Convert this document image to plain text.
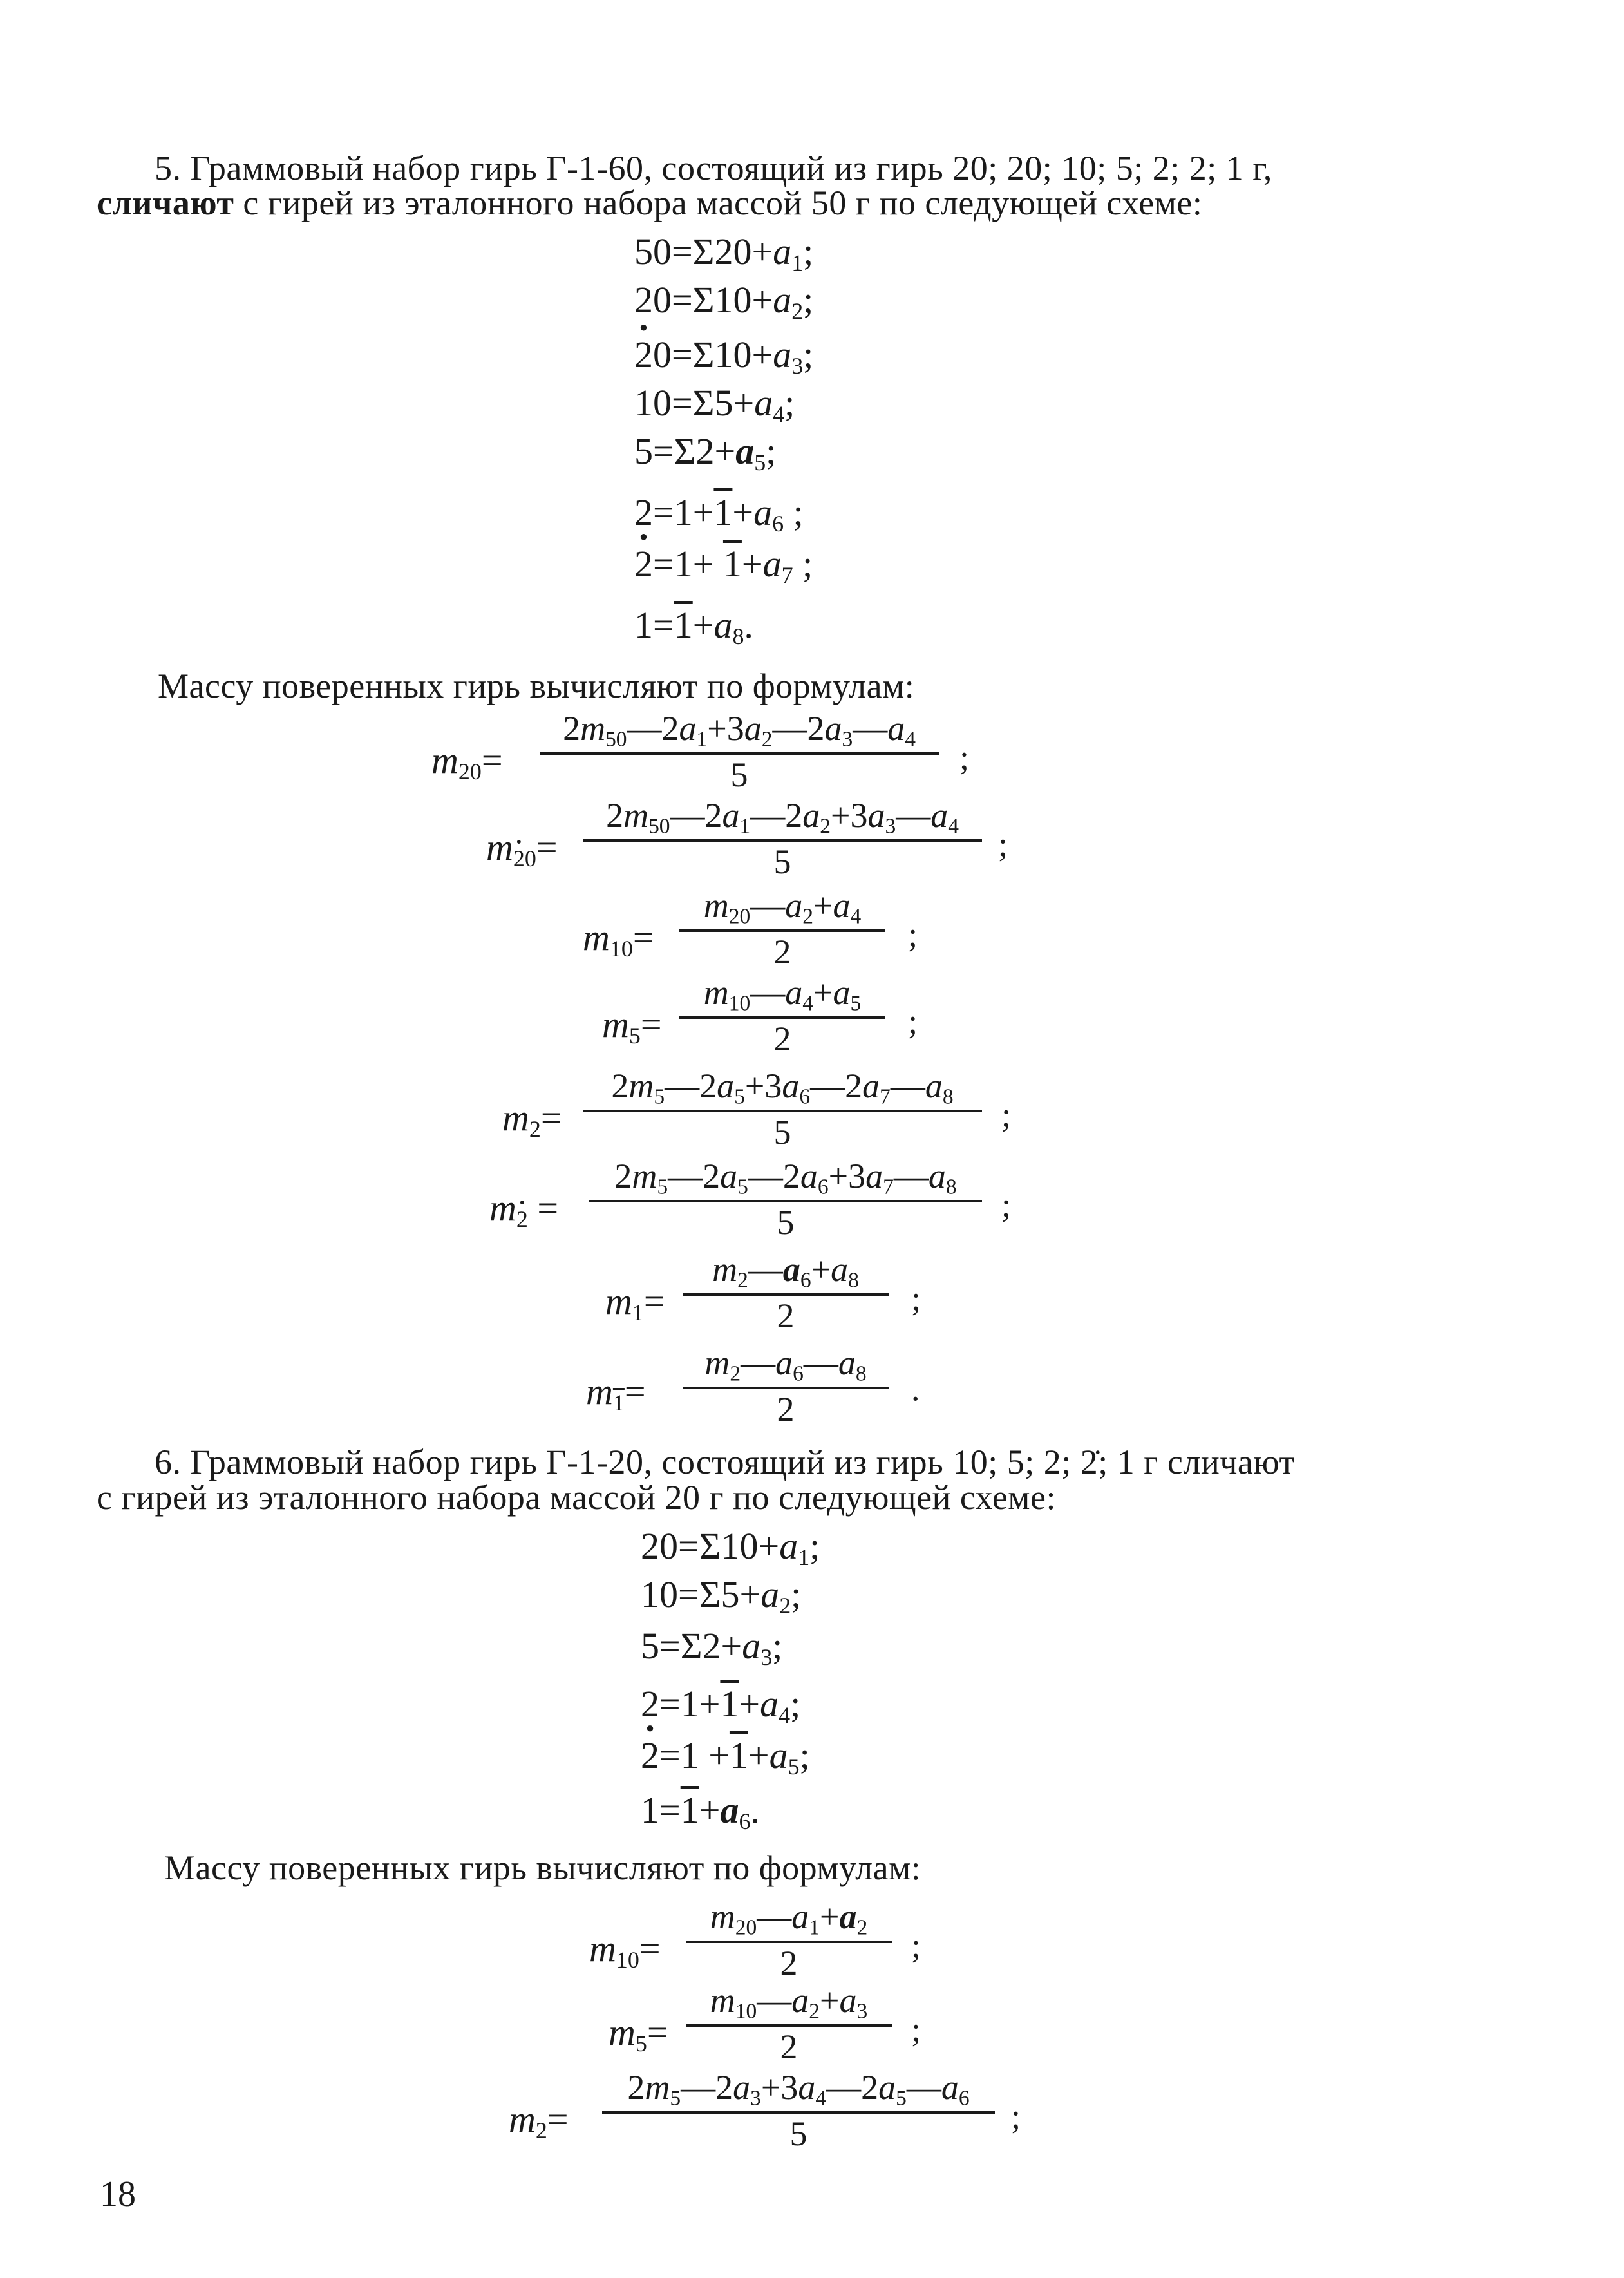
5. Граммовый набор гирь Г-1-60, состоящий из гирь 20; 20; 10; 5; 2; 2; 1 г,
сличают с гирей из эталонного набора массой 50 г по следующей схеме:
$50=\Sigma 20+a_1$;
$20=\Sigma 10+a_2$;
$2 \cdot 0=\Sigma 10+a_3$;
$10=\Sigma 5+a_4$;
$5=\Sigma 2+a_5$;
$2=1+1+a_6$ ;
$2 \cdot=1+ 1+a_7$ ;
$1=1+a_8$.
Массу поверенных гирь вычисляют по формулам:
$m_{20}=$
$2m_{50}—2a_1+3a_2—2a_3—a_4$
5	;
$m_{20}=$
$2m_{50}—2a_1—2a_2+3a_3—a_4$
5	;
$m_{10}=$
$m_{20}—a_2+a_4$
2	;
$m_5=$
$m_{10}—a_4+a_5$
2	;
$m_2=$
$2m_5—2a_5+3a_6—2a_7—a_8$
5	;
$m_2$ =
$2m_5—2a_5—2a_6+3a_7—a_8$
5	;
$m_1=$
$m_2—a_6+a_8$
2	;
$m_1=$
$m_2—a_6—a_8$
2
.
6. Граммовый набор гирь Г-1-20, состоящий из гирь 10; 5; 2; 2̇; 1 г сличают
с гирей из эталонного набора массой 20 г по следующей схеме:
$20=\Sigma 10+a_1$;
$10=\Sigma 5+a_2$;
$5=\Sigma 2+a_3$;
$2=1+1+a_4$;
$2 \cdot=1 +1+a_5$;
$1=1+a_6$.
Массу поверенных гирь вычисляют по формулам:
$m_{10}=$
$m_{20}—a_1+a_2$
2	;
$m_5=$
$m_{10}—a_2+a_3$
2	;
$m_2=$
$2m_5—2a_3+3a_4—2a_5—a_6$
5	;
18
